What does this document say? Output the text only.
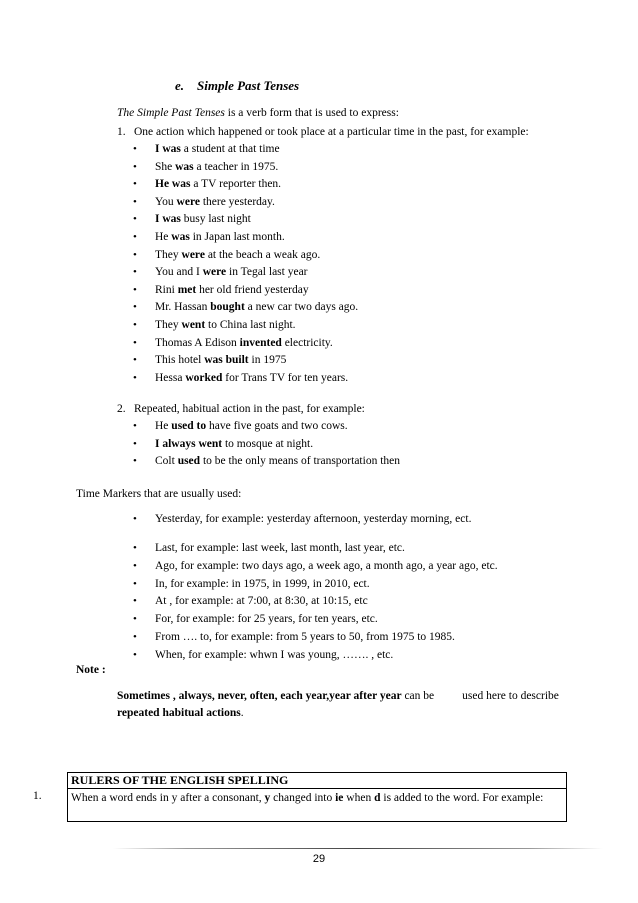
e. Simple Past Tenses
The Simple Past Tenses is a verb form that is used to express:
1. One action which happened or took place at a particular time in the past, for example:
• I was a student at that time
• She was a teacher in 1975.
• He was a TV reporter then.
• You were there yesterday.
• I was busy last night
• He was in Japan last month.
• They were at the beach a weak ago.
• You and I were in Tegal last year
• Rini met her old friend yesterday
• Mr. Hassan bought a new car two days ago.
• They went to China last night.
• Thomas A Edison invented electricity.
• This hotel was built in 1975
• Hessa worked for Trans TV for ten years.
2. Repeated, habitual action in the past, for example:
• He used to have five goats and two cows.
• I always went to mosque at night.
• Colt used to be the only means of transportation then
Time Markers that are usually used:
• Yesterday, for example: yesterday afternoon, yesterday morning, ect.
• Last, for example: last week, last month, last year, etc.
• Ago, for example: two days ago, a week ago, a month ago, a year ago, etc.
• In, for example: in 1975, in 1999, in 2010, ect.
• At , for example: at 7:00, at 8:30, at 10:15, etc
• For, for example: for 25 years, for ten years, etc.
• From …. to, for example: from 5 years to 50, from 1975 to 1985.
• When, for example: whwn I was young, ……. , etc.
Note :
Sometimes , always, never, often, each year,year after year can be used here to describe repeated habitual actions.
1.
RULERS OF THE ENGLISH SPELLING
When a word ends in y after a consonant, y changed into ie when d is added to the word. For example:
29
